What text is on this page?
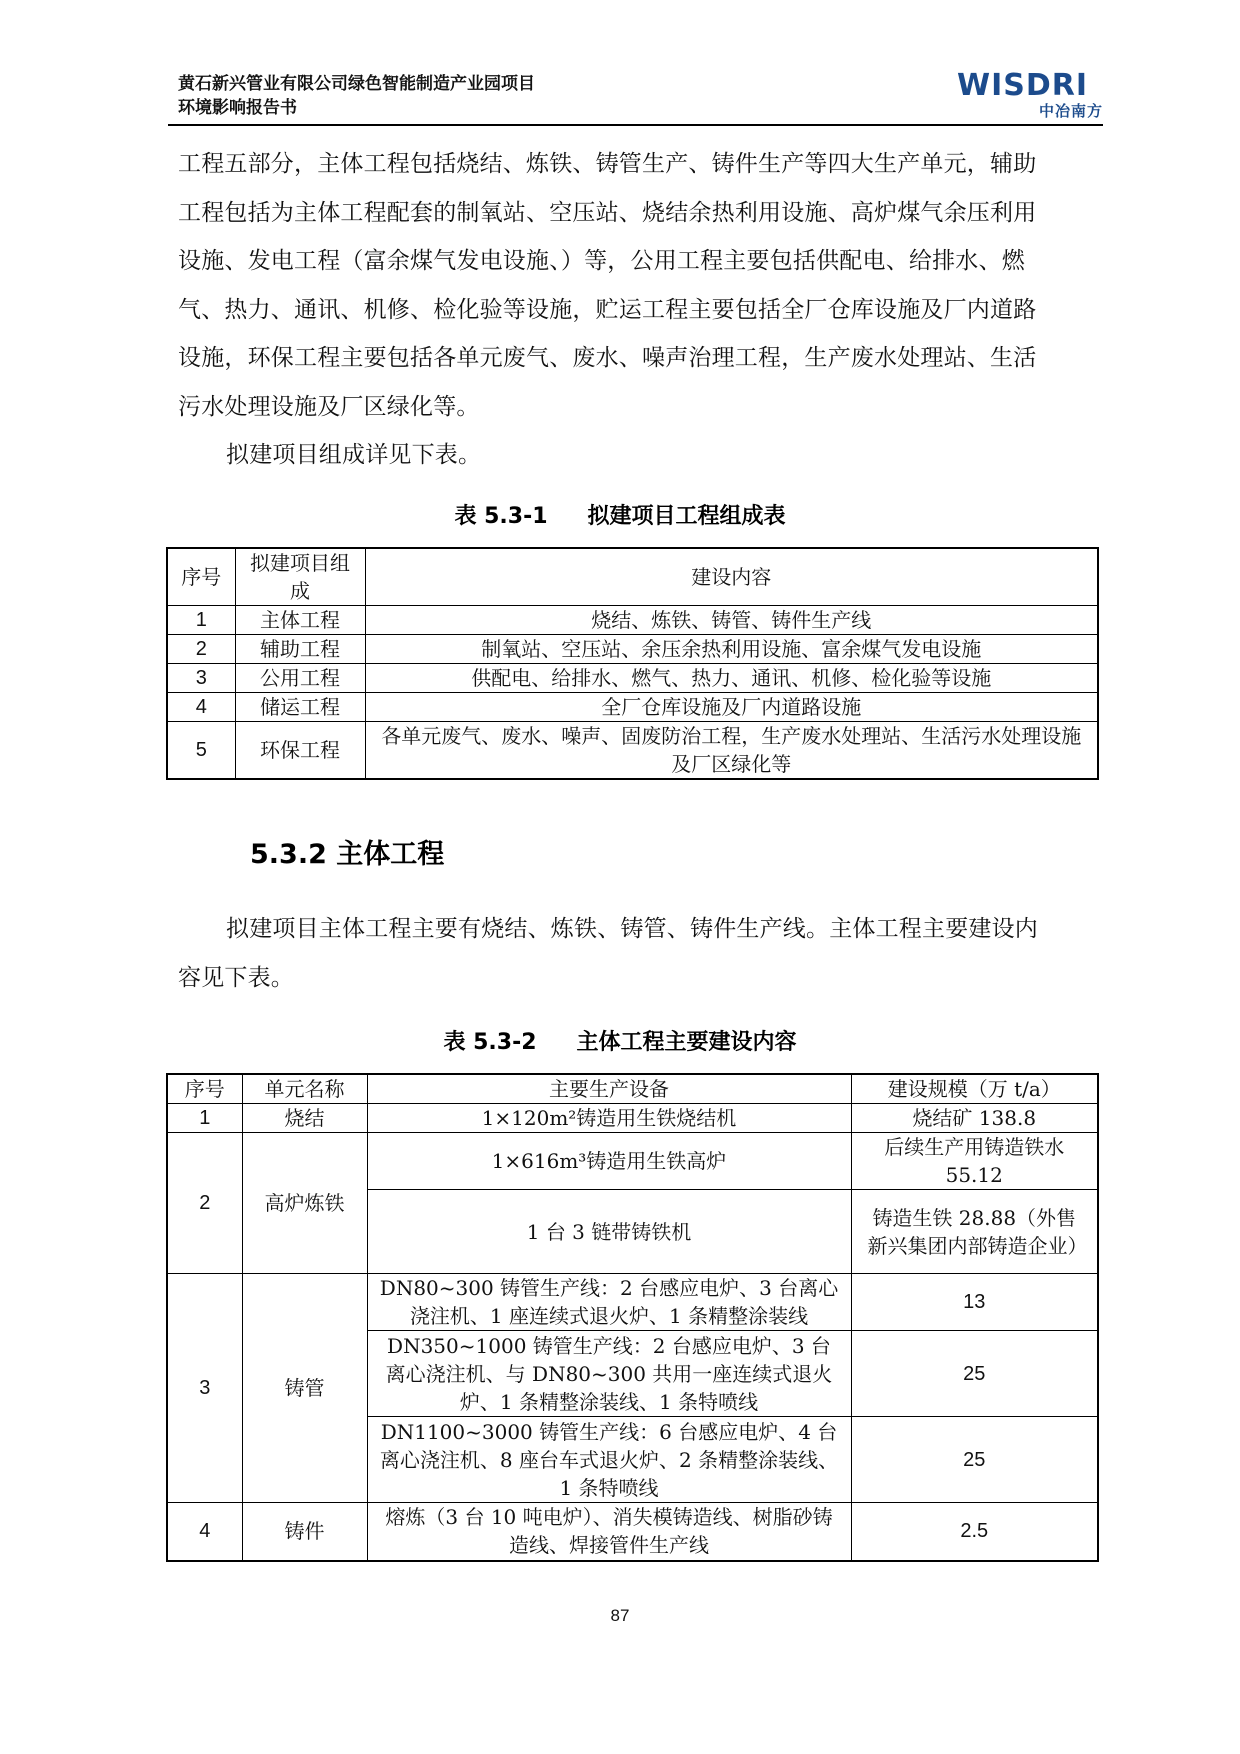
黄石新兴管业有限公司绿色智能制造产业园项目
环境影响报告书
WISDRI
中冶南方
工程五部分，主体工程包括烧结、炼铁、铸管生产、铸件生产等四大生产单元，辅助
工程包括为主体工程配套的制氧站、空压站、烧结余热利用设施、高炉煤气余压利用
设施、发电工程（富余煤气发电设施、）等，公用工程主要包括供配电、给排水、燃
气、热力、通讯、机修、检化验等设施，贮运工程主要包括全厂仓库设施及厂内道路
设施，环保工程主要包括各单元废气、废水、噪声治理工程，生产废水处理站、生活
污水处理设施及厂区绿化等。
拟建项目组成详见下表。
表 5.3-1 拟建项目工程组成表
序号	拟建项目组成	建设内容
1	主体工程	烧结、炼铁、铸管、铸件生产线
2	辅助工程	制氧站、空压站、余压余热利用设施、富余煤气发电设施
3	公用工程	供配电、给排水、燃气、热力、通讯、机修、检化验等设施
4	储运工程	全厂仓库设施及厂内道路设施
5	环保工程	各单元废气、废水、噪声、固废防治工程，生产废水处理站、生活污水处理设施及厂区绿化等
5.3.2 主体工程
拟建项目主体工程主要有烧结、炼铁、铸管、铸件生产线。主体工程主要建设内
容见下表。
表 5.3-2 主体工程主要建设内容
序号	单元名称	主要生产设备	建设规模（万 t/a）
1	烧结	1×120m²铸造用生铁烧结机	烧结矿 138.8
2	高炉炼铁	1×616m³铸造用生铁高炉	后续生产用铸造铁水 55.12
		1 台 3 链带铸铁机	铸造生铁 28.88（外售新兴集团内部铸造企业）
3	铸管	DN80~300 铸管生产线：2 台感应电炉、3 台离心浇注机、1 座连续式退火炉、1 条精整涂装线	13
		DN350~1000 铸管生产线：2 台感应电炉、3 台离心浇注机、与 DN80~300 共用一座连续式退火炉、1 条精整涂装线、1 条特喷线	25
		DN1100~3000 铸管生产线：6 台感应电炉、4 台离心浇注机、8 座台车式退火炉、2 条精整涂装线、1 条特喷线	25
4	铸件	熔炼（3 台 10 吨电炉）、消失模铸造线、树脂砂铸造线、焊接管件生产线	2.5
87
